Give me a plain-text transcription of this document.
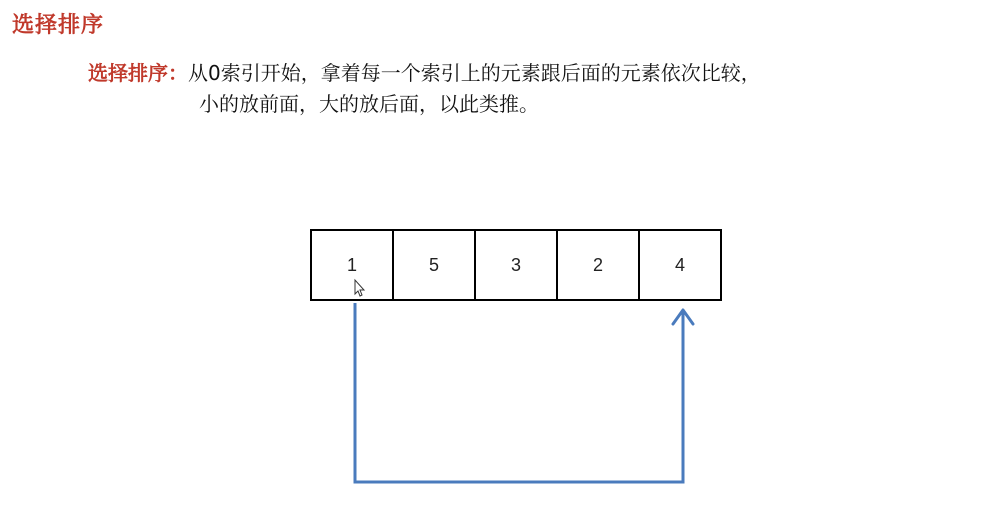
选择排序
选择排序：从0索引开始，拿着每一个索引上的元素跟后面的元素依次比较，
小的放前面，大的放后面，以此类推。
1	5	3	2	4
